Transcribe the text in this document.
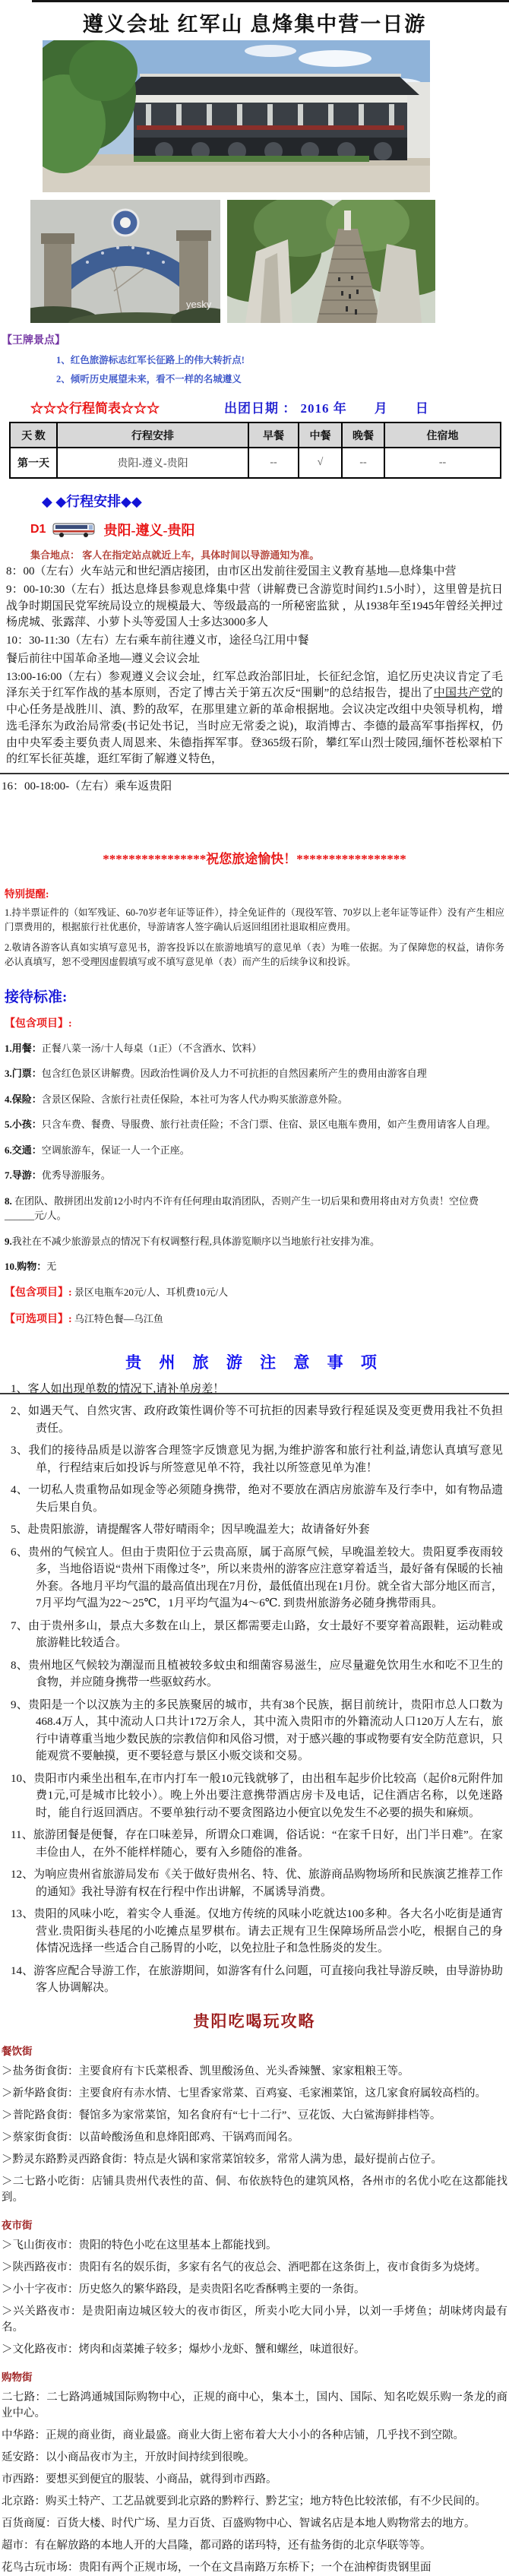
遵义会址 红军山 息烽集中营一日游
yesky
【王牌景点】
1、红色旅游标志红军长征路上的伟大转折点!
2、倾听历史展望未来，看不一样的名城遵义
☆☆☆行程简表☆☆☆	出团日期 ： 2016 年　　月　　日
天 数	行程安排	早餐	中餐	晚餐	住宿地
第一天	贵阳-遵义-贵阳	--	√	--	--
◆ ◆行程安排◆◆
D1	贵阳-遵义-贵阳
集合地点： 客人在指定站点就近上车，具体时间以导游通知为准。

8：00（左右）火车站元和世纪酒店接团，由市区出发前往爱国主义教育基地—息烽集中营

9：00-10:30（左右）抵达息烽县参观息烽集中营（讲解费已含游览时间约1.5小时），这里曾是抗日战争时期国民党军统局设立的规模最大、等级最高的一所秘密监狱 ，从1938年至1945年曾经关押过杨虎城、张露萍、小萝卜头等爱国人士多达3000多人

10：30-11:30（左右）左右乘车前往遵义市，途径乌江用中餐

餐后前往中国革命圣地—遵义会议会址

13:00-16:00（左右）参观遵义会议会址，红军总政治部旧址，长征纪念馆，追忆历史决议肯定了毛泽东关于红军作战的基本原则，否定了博古关于第五次反“围剿”的总结报告，提出了中国共产党的中心任务是战胜川、滇、黔的敌军，在那里建立新的革命根据地。会议决定改组中央领导机构，增选毛泽东为政治局常委(书记处书记，当时应无常委之说)，取消博古、李德的最高军事指挥权，仍由中央军委主要负责人周恩来、朱德指挥军事。登365级石阶，攀红军山烈士陵园,缅怀苍松翠柏下的红军长征英雄，逛红军街了解遵义特色，

16：00-18:00-（左右）乘车返贵阳

****************祝您旅途愉快！*****************
特别提醒:

1.持半票证件的（如军残证、60-70岁老年证等证件），持全免证件的（现役军管、70岁以上老年证等证件）没有产生相应门票费用的，根据旅行社优惠价，导游请客人签字确认后返回组团社退取相应费用。

2.敬请各游客认真如实填写意见书，游客投诉以在旅游地填写的意见单（表）为唯一依据。为了保障您的权益，请你务必认真填写，恕不受理因虚假填写或不填写意见单（表）而产生的后续争议和投诉。

接待标准:
【包含项目】:
1.用餐：正餐八菜一汤/十人每桌（1正）（不含酒水、饮料）
3.门票：包含红色景区讲解费。因政治性调价及人力不可抗拒的自然因素所产生的费用由游客自理
4.保险：含景区保险、含旅行社责任保险，本社可为客人代办购买旅游意外险。
5.小孩：只含车费、餐费、导服费、旅行社责任险；不含门票、住宿、景区电瓶车费用，如产生费用请客人自理。
6.交通：空调旅游车，保证一人一个正座。
7.导游：优秀导游服务。
8. 在团队、散拼团出发前12小时内不许有任何理由取消团队，否则产生一切后果和费用将由对方负责！空位费______元/人。
9.我社在不减少旅游景点的情况下有权调整行程,具体游览顺序以当地旅行社安排为准。
10.购物：无
【包含项目】: 景区电瓶车20元/人、耳机费10元/人
【可选项目】: 乌江特色餐—乌江鱼
贵 州 旅 游 注 意 事 项
1、客人如出现单数的情况下,请补单房差！
2、如遇天气、自然灾害、政府政策性调价等不可抗拒的因素导致行程延误及变更费用我社不负担责任。
3、我们的接待品质是以游客合理签字反馈意见为据,为维护游客和旅行社利益,请您认真填写意见单，行程结束后如投诉与所签意见单不符，我社以所签意见单为准！
4、一切私人贵重物品如现金等必须随身携带，绝对不要放在酒店房旅游车及行李中，如有物品遗失后果自负。
5、赴贵阳旅游，请提醒客人带好晴雨伞；因早晚温差大；故请备好外套
6、贵州的气候宜人。但由于贵阳位于云贵高原，属于高原气候，早晚温差较大。贵阳夏季夜雨较多，当地俗语说“贵州下雨像过冬”，所以来贵州的游客应注意穿着适当，最好备有保暖的长袖外套。各地月平均气温的最高值出现在7月份，最低值出现在1月份。就全省大部分地区而言，7月平均气温为22～25℃，1月平均气温为4～6℃. 到贵州旅游务必随身携带雨具。
7、由于贵州多山，景点大多数在山上，景区都需要走山路，女士最好不要穿着高跟鞋，运动鞋或旅游鞋比较适合。
8、贵州地区气候较为潮湿而且植被较多蚊虫和细菌容易滋生，应尽量避免饮用生水和吃不卫生的食物，并应随身携带一些驱蚊药水。
9、贵阳是一个以汉族为主的多民族聚居的城市，共有38个民族，据目前统计，贵阳市总人口数为468.4万人，其中流动人口共计172万余人，其中流入贵阳市的外籍流动人口120万人左右，旅行中请尊重当地少数民族的宗教信仰和风俗习惯，对于感兴趣的事或物要有安全防范意识，只能观赏不要触摸，更不要轻意与景区小贩交谈和交易。
10、贵阳市内乘坐出租车,在市内打车一般10元钱就够了，由出租车起步价比较高（起价8元附件加费1元,可是城市比较小）。晚上外出要注意携带酒店房卡及电话，记住酒店名称，以免迷路时，能自行返回酒店。不要单独行动不要贪图路边小便宜以免发生不必要的损失和麻烦。
11、旅游团餐是便餐，存在口味差异，所谓众口难调，俗话说：“在家千日好，出门半日难”。在家丰俭由人，在外不能样样随心，要有入乡随俗的准备。
12、为响应贵州省旅游局发布《关于做好贵州名、特、优、旅游商品购物场所和民族演艺推荐工作的通知》我社导游有权在行程中作出讲解，不属诱导消费。
13、贵阳的风味小吃，着实令人垂涎。仅地方传统的风味小吃就达100多种。各大名小吃街是通宵营业.贵阳街头巷尾的小吃摊点星罗棋布。请去正规有卫生保障场所品尝小吃，根据自己的身体情况选择一些适合自己肠胃的小吃，以免拉肚子和急性肠炎的发生。
14、游客应配合导游工作，在旅游期间，如游客有什么问题，可直接向我社导游反映，由导游协助客人协调解决。
贵阳吃喝玩攻略
餐饮街
＞盐务街食街：主要食府有卞氏菜根香、凯里酸汤鱼、光头香辣蟹、家家粗粮王等。
＞新华路食街：主要食府有赤水情、七里香家常菜、百鸡宴、毛家湘菜馆，这几家食府属较高档的。
＞普陀路食街：餐馆多为家常菜馆，知名食府有“七十二行”、豆花饭、大白鲨海鲜排档等。
＞蔡家街食街：以苗岭酸汤鱼和息烽阳郎鸡、干锅鸡而闻名。
＞黔灵东路黔灵西路食街：特点是火锅和家常菜馆较多，常常人满为患，最好提前占位子。
＞二七路小吃街：店铺具贵州代表性的苗、侗、布依族特色的建筑风格，各州市的名优小吃在这都能找到。
夜市街
＞飞山街夜市：贵阳的特色小吃在这里基本上都能找到。
＞陕西路夜市：贵阳有名的娱乐街，多家有名气的夜总会、酒吧都在这条街上，夜市食街多为烧烤。
＞小十字夜市：历史悠久的繁华路段，是卖贵阳名吃香酥鸭主要的一条街。
＞兴关路夜市：是贵阳南边城区较大的夜市街区，所卖小吃大同小异，以刘一手烤鱼；胡味烤肉最有名。
＞文化路夜市：烤肉和卤菜摊子较多；爆炒小龙虾、蟹和螺丝，味道很好。
购物街
二七路：二七路鸿通城国际购物中心，正规的商中心，集本土，国内、国际、知名吃娱乐购一条龙的商业中心。
中华路：正规的商业街，商业最盛。商业大街上密布着大大小小的各种店铺，几乎找不到空隙。
延安路：以小商品夜市为主，开放时间持续到很晚。
市西路：要想买到便宜的服装、小商品，就得到市西路。
北京路：购买土特产、工艺品就要到北京路的黔粹行、黔艺宝；地方特色比较浓郁，有不少民间的。
百货商厦：百货大楼、时代广场、星力百货、百盛购物中心、智诚名店是本地人购物常去的地方。
超市：有在解放路的本地人开的大昌隆，都司路的诺玛特，还有盐务街的北京华联等等。
花鸟古玩市场：贵阳有两个正规市场，一个在文昌南路万东桥下；一个在油榨街贵钢里面
